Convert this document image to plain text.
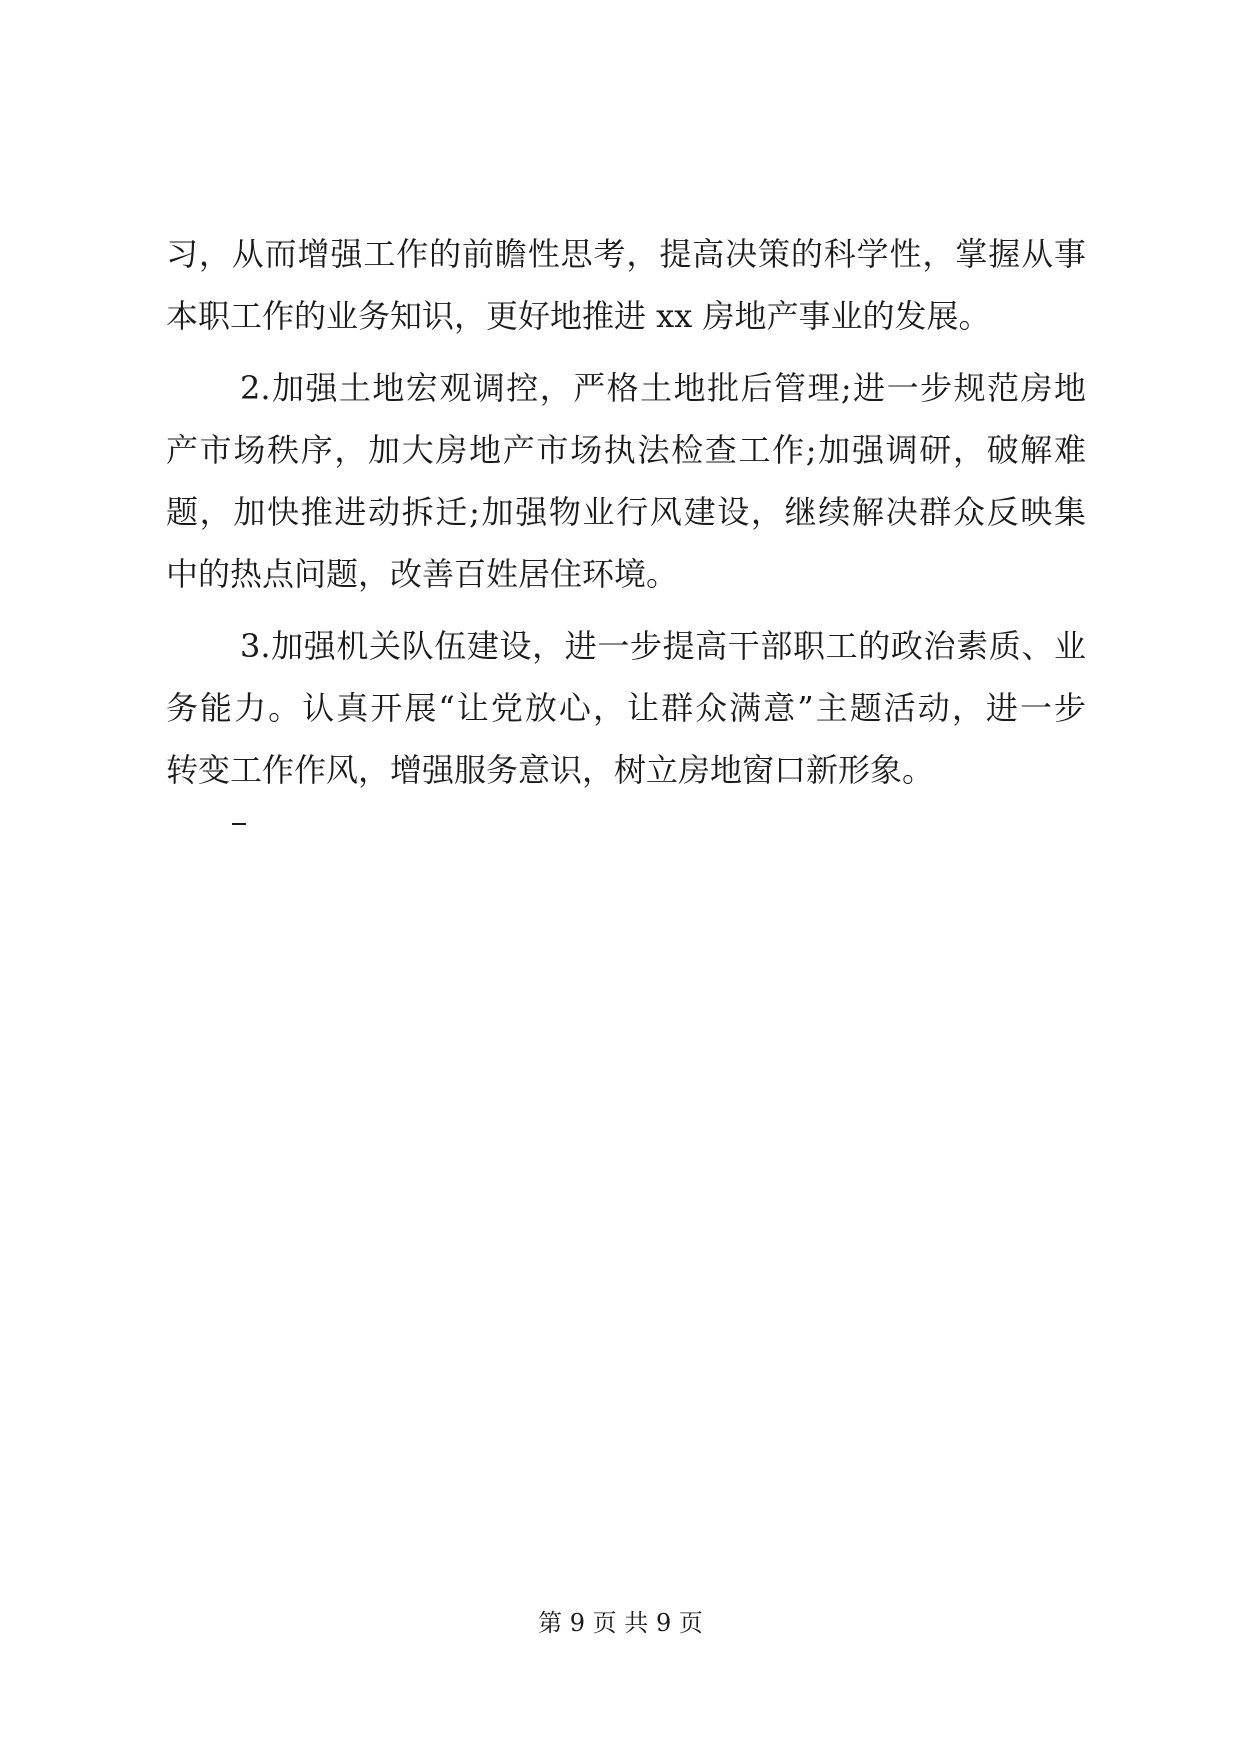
习，从而增强工作的前瞻性思考，提高决策的科学性，掌握从事
本职工作的业务知识，更好地推进 xx 房地产事业的发展。
2.加强土地宏观调控，严格土地批后管理;进一步规范房地
产市场秩序，加大房地产市场执法检查工作;加强调研，破解难
题，加快推进动拆迁;加强物业行风建设，继续解决群众反映集
中的热点问题，改善百姓居住环境。
3.加强机关队伍建设，进一步提高干部职工的政治素质、业
务能力。认真开展“让党放心，让群众满意”主题活动，进一步
转变工作作风，增强服务意识，树立房地窗口新形象。
第 9 页 共 9 页
